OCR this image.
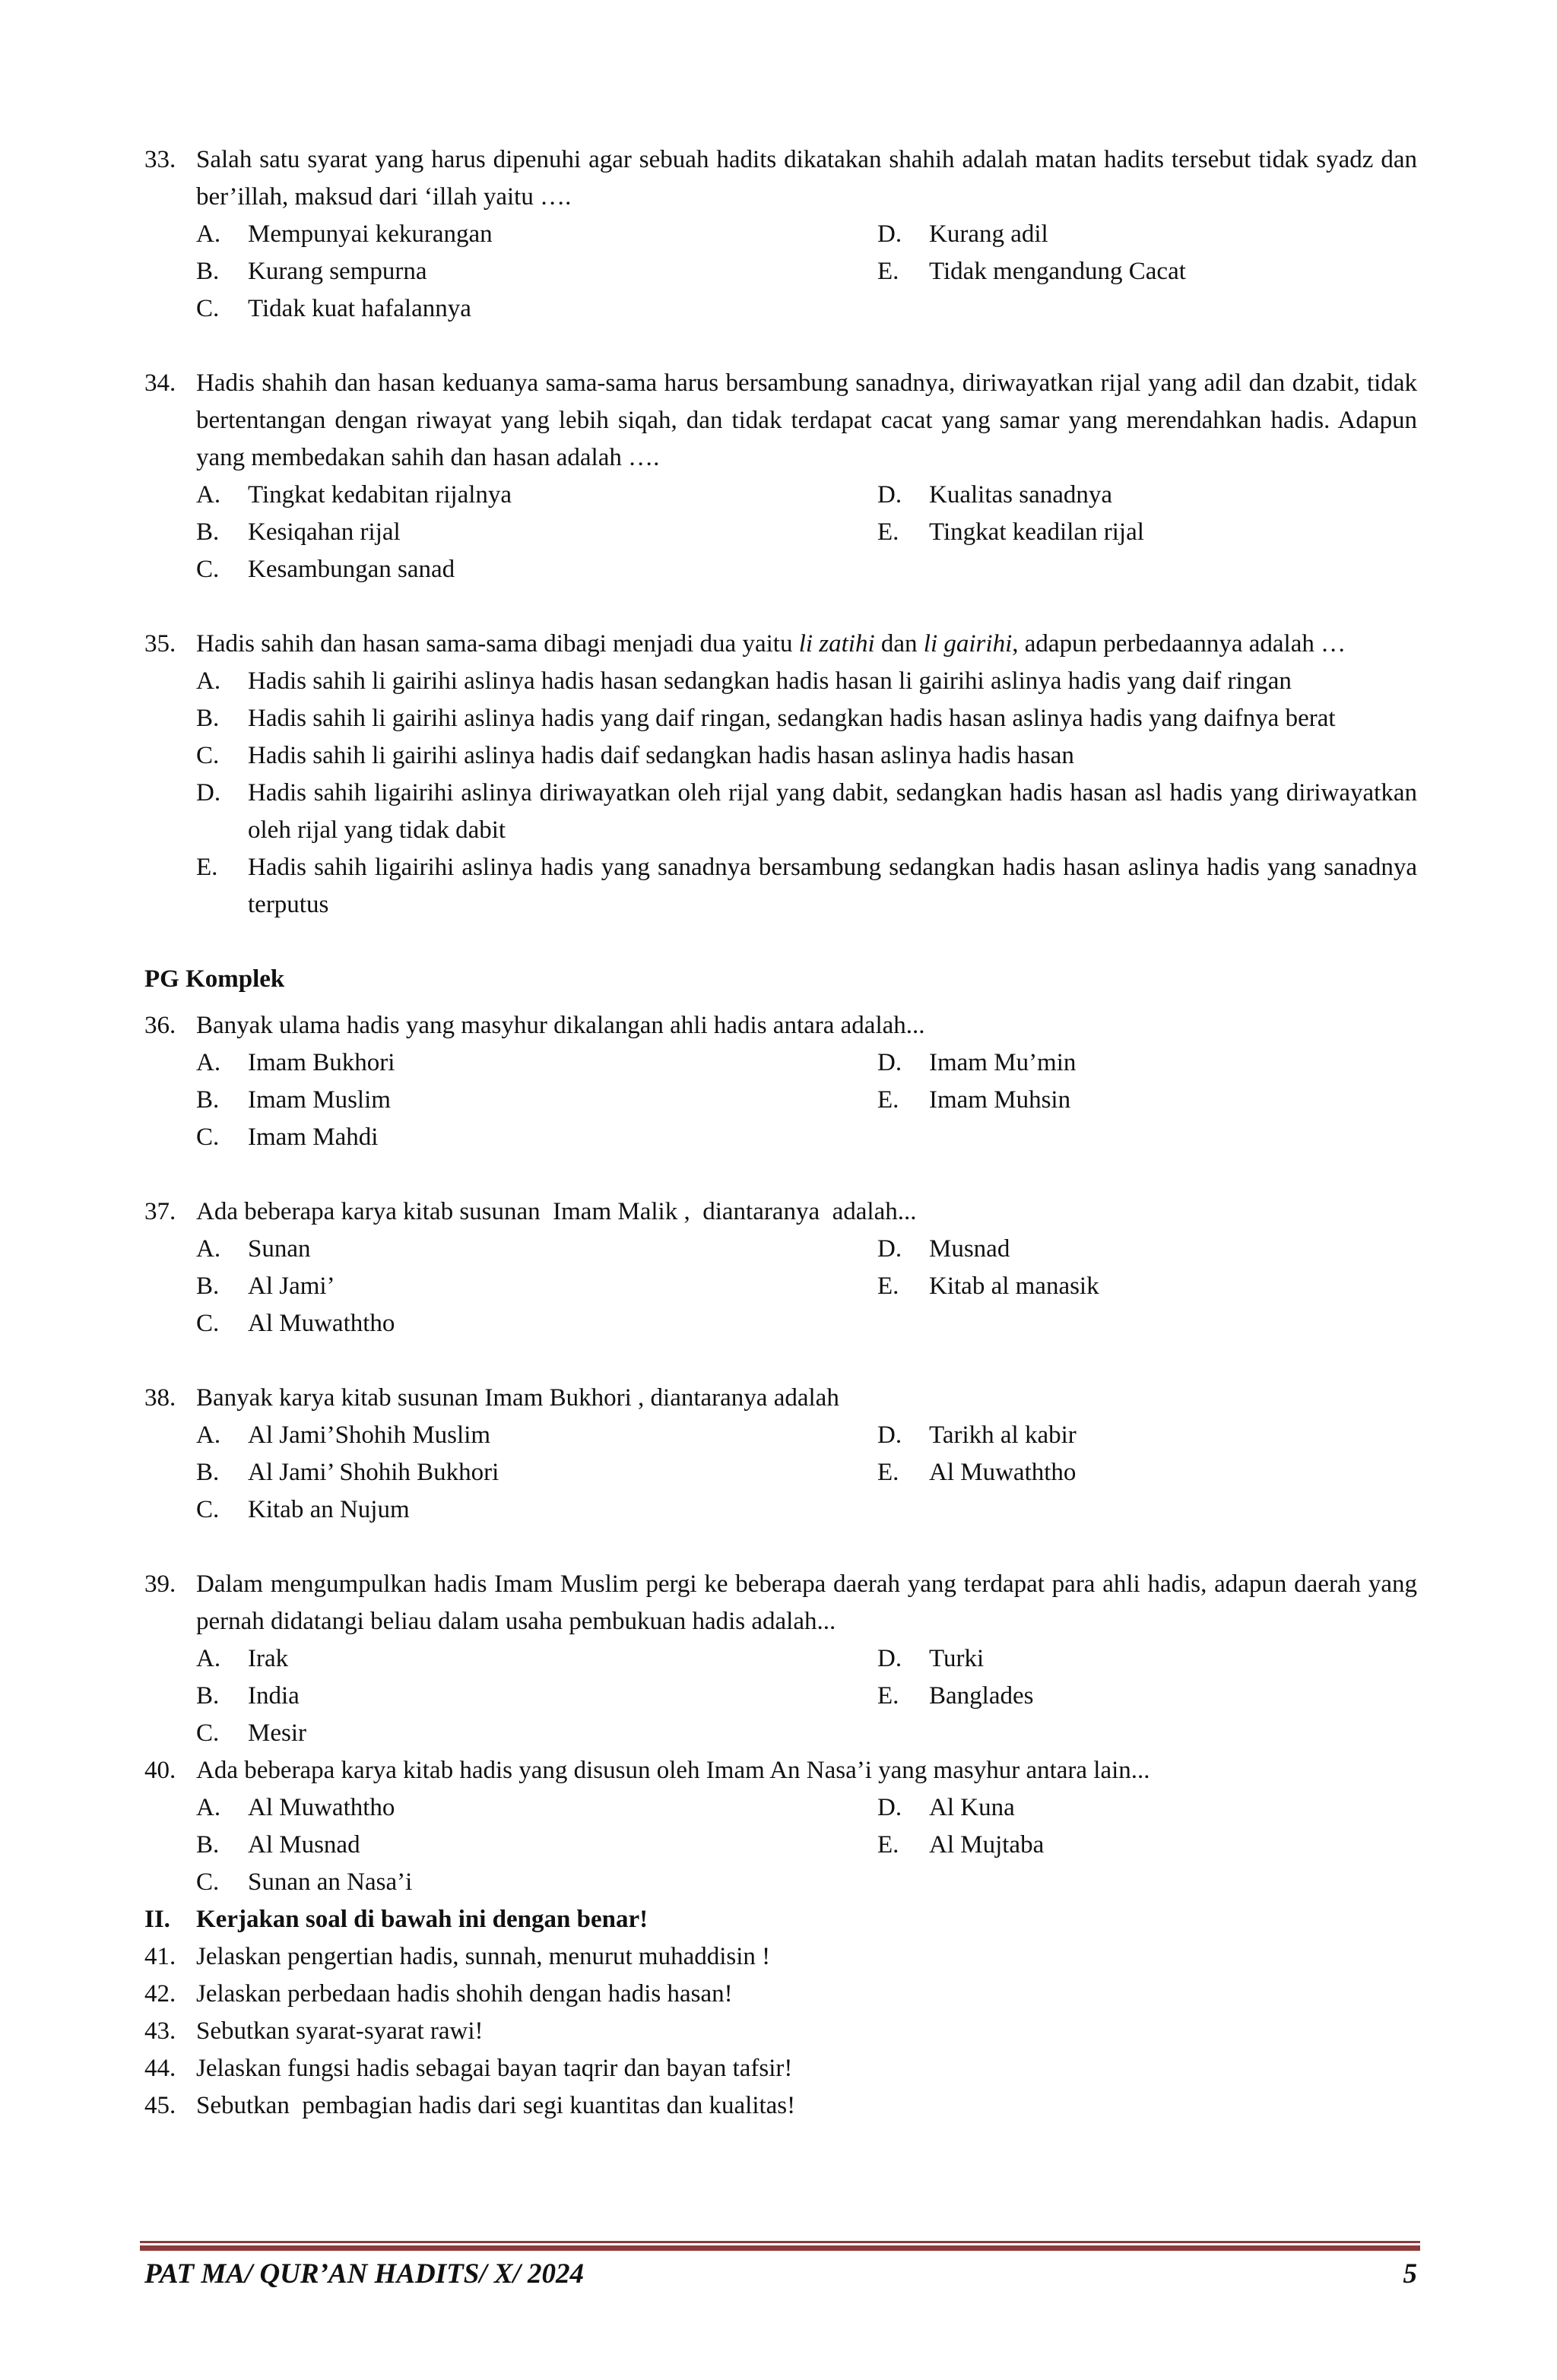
33. Salah satu syarat yang harus dipenuhi agar sebuah hadits dikatakan shahih adalah matan hadits tersebut tidak syadz dan ber’illah, maksud dari ‘illah yaitu ….
A.	Mempunyai kekurangan	D.	Kurang adil
B.	Kurang sempurna	E.	Tidak mengandung Cacat
C.	Tidak kuat hafalannya
34. Hadis shahih dan hasan keduanya sama-sama harus bersambung sanadnya, diriwayatkan rijal yang adil dan dzabit, tidak bertentangan dengan riwayat yang lebih siqah, dan tidak terdapat cacat yang samar yang merendahkan hadis. Adapun yang membedakan sahih dan hasan adalah ….
A.	Tingkat kedabitan rijalnya	D.	Kualitas sanadnya
B.	Kesiqahan rijal	E.	Tingkat keadilan rijal
C.	Kesambungan sanad
35. Hadis sahih dan hasan sama-sama dibagi menjadi dua yaitu li zatihi dan li gairihi, adapun perbedaannya adalah …
A.	Hadis sahih li gairihi aslinya hadis hasan sedangkan hadis hasan li gairihi aslinya hadis yang daif ringan
B.	Hadis sahih li gairihi aslinya hadis yang daif ringan, sedangkan hadis hasan aslinya hadis yang daifnya berat
C.	Hadis sahih li gairihi aslinya hadis daif sedangkan hadis hasan aslinya hadis hasan
D.	Hadis sahih ligairihi aslinya diriwayatkan oleh rijal yang dabit, sedangkan hadis hasan asl hadis yang diriwayatkan oleh rijal yang tidak dabit
E.	Hadis sahih ligairihi aslinya hadis yang sanadnya bersambung sedangkan hadis hasan aslinya hadis yang sanadnya terputus
PG Komplek
36. Banyak ulama hadis yang masyhur dikalangan ahli hadis antara adalah...
A.	Imam Bukhori	D.	Imam Mu’min
B.	Imam Muslim	E.	Imam Muhsin
C.	Imam Mahdi
37. Ada beberapa karya kitab susunan  Imam Malik ,  diantaranya  adalah...
A.	Sunan	D.	Musnad
B.	Al Jami’	E.	Kitab al manasik
C.	Al Muwaththo
38. Banyak karya kitab susunan Imam Bukhori , diantaranya adalah
A.	Al Jami’Shohih Muslim	D.	Tarikh al kabir
B.	Al Jami’ Shohih Bukhori	E.	Al Muwaththo
C.	Kitab an Nujum
39. Dalam mengumpulkan hadis Imam Muslim pergi ke beberapa daerah yang terdapat para ahli hadis, adapun daerah yang pernah didatangi beliau dalam usaha pembukuan hadis adalah...
A.	Irak	D.	Turki
B.	India	E.	Banglades
C.	Mesir
40. Ada beberapa karya kitab hadis yang disusun oleh Imam An Nasa’i yang masyhur antara lain...
A.	Al Muwaththo	D.	Al Kuna
B.	Al Musnad	E.	Al Mujtaba
C.	Sunan an Nasa’i
II.	Kerjakan soal di bawah ini dengan benar!
41. Jelaskan pengertian hadis, sunnah, menurut muhaddisin !
42. Jelaskan perbedaan hadis shohih dengan hadis hasan!
43. Sebutkan syarat-syarat rawi!
44. Jelaskan fungsi hadis sebagai bayan taqrir dan bayan tafsir!
45. Sebutkan  pembagian hadis dari segi kuantitas dan kualitas!
PAT MA/ QUR’AN HADITS/ X/ 2024	5
